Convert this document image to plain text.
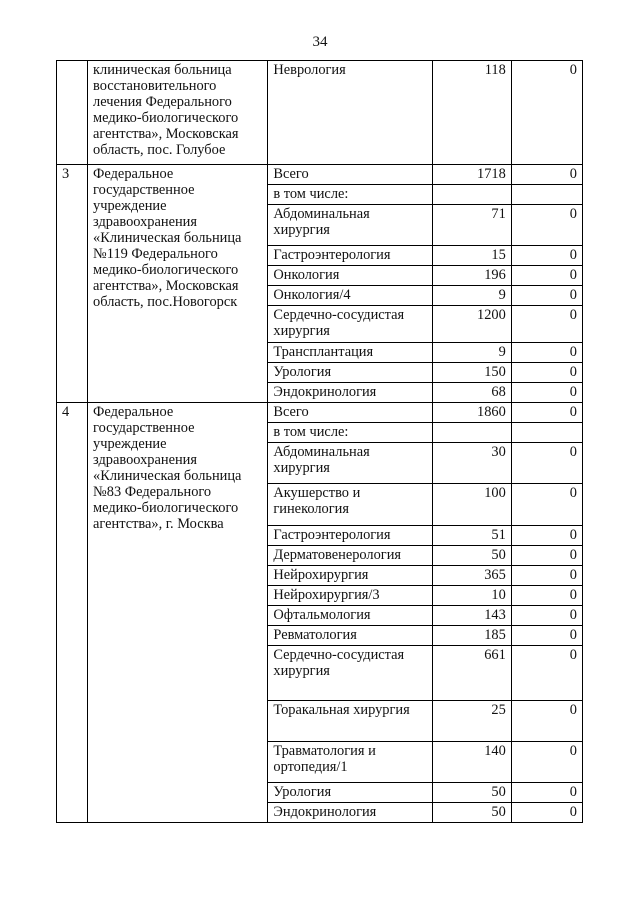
34
	клиническая больница восстановительного лечения Федерального медико-биологического агентства», Московская область, пос. Голубое	Неврология	118	0
3	Федеральное государственное учреждение здравоохранения «Клиническая больница №119 Федерального медико-биологического агентства», Московская область, пос.Новогорск	Всего	1718	0
		в том числе:		
		Абдоминальная хирургия	71	0
		Гастроэнтерология	15	0
		Онкология	196	0
		Онкология/4	9	0
		Сердечно-сосудистая хирургия	1200	0
		Трансплантация	9	0
		Урология	150	0
		Эндокринология	68	0
4	Федеральное государственное учреждение здравоохранения «Клиническая больница №83 Федерального медико-биологического агентства», г. Москва	Всего	1860	0
		в том числе:		
		Абдоминальная хирургия	30	0
		Акушерство и гинекология	100	0
		Гастроэнтерология	51	0
		Дерматовенерология	50	0
		Нейрохирургия	365	0
		Нейрохирургия/3	10	0
		Офтальмология	143	0
		Ревматология	185	0
		Сердечно-сосудистая хирургия	661	0
		Торакальная хирургия	25	0
		Травматология и ортопедия/1	140	0
		Урология	50	0
		Эндокринология	50	0
